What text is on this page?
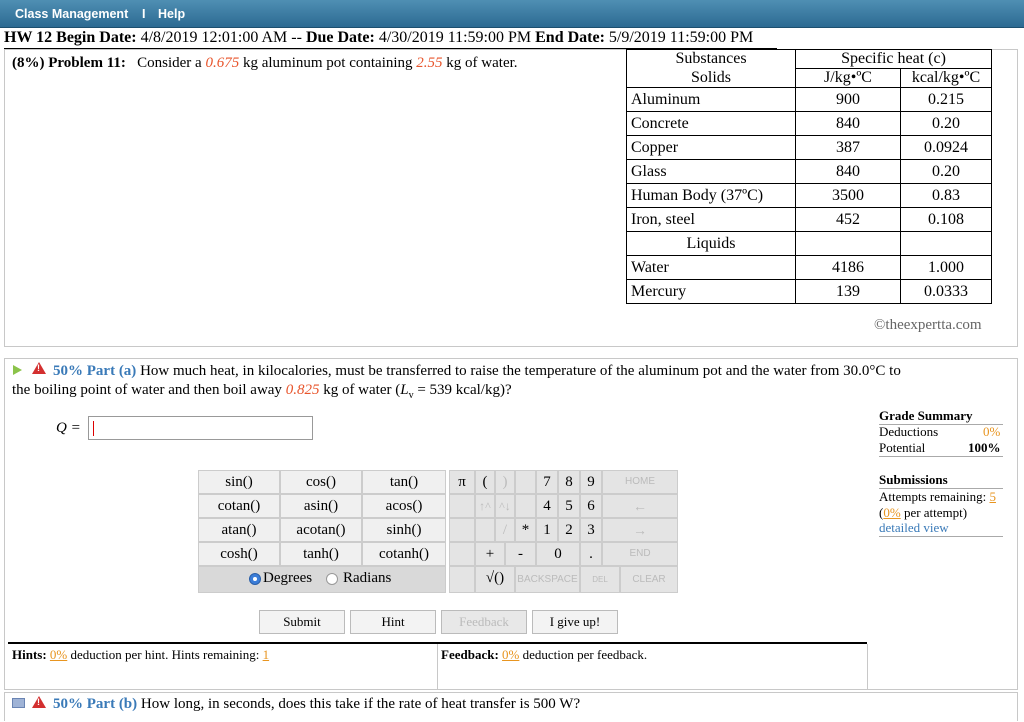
Class Management I Help
HW 12 Begin Date: 4/8/2019 12:01:00 AM -- Due Date: 4/30/2019 11:59:00 PM End Date: 5/9/2019 11:59:00 PM
(8%) Problem 11: Consider a 0.675 kg aluminum pot containing 2.55 kg of water.	Substances	Specific heat (c)	
Solids	J/kg•ºC	kcal/kg•ºC
Aluminum	900	0.215
Concrete	840	0.20
Copper	387	0.0924
Glass	840	0.20
Human Body (37ºC)	3500	0.83
Iron, steel	452	0.108
Liquids		
Water	4186	1.000
Mercury	139	0.0333
©theexpertta.com
!
50% Part (a) How much heat, in kilocalories, must be transferred to raise the temperature of the aluminum pot and the water from 30.0°C to
the boiling point of water and then boil away 0.825 kg of water ($L_v = 539$ kcal/kg)?
Q =
sin()	cos()	tan()
cotan()	asin()	acos()
atan()	acotan()	sinh()
cosh()	tanh()	cotanh()
Degrees Radians
π	(	)	7 8 9	HOME
↑^ ^↓	4 5 6	←
/ * 1 2 3	→
+	-	0	.	END
√()	BACKSPACE	DEL	CLEAR
Submit	Hint	Feedback	I give up!
Grade Summary
Deductions	0%
Potential	100%
Submissions
Attempts remaining: 5
(0% per attempt)
detailed view
Hints: 0% deduction per hint. Hints remaining: 1	Feedback: 0% deduction per feedback.
!
50% Part (b) How long, in seconds, does this take if the rate of heat transfer is 500 W?
